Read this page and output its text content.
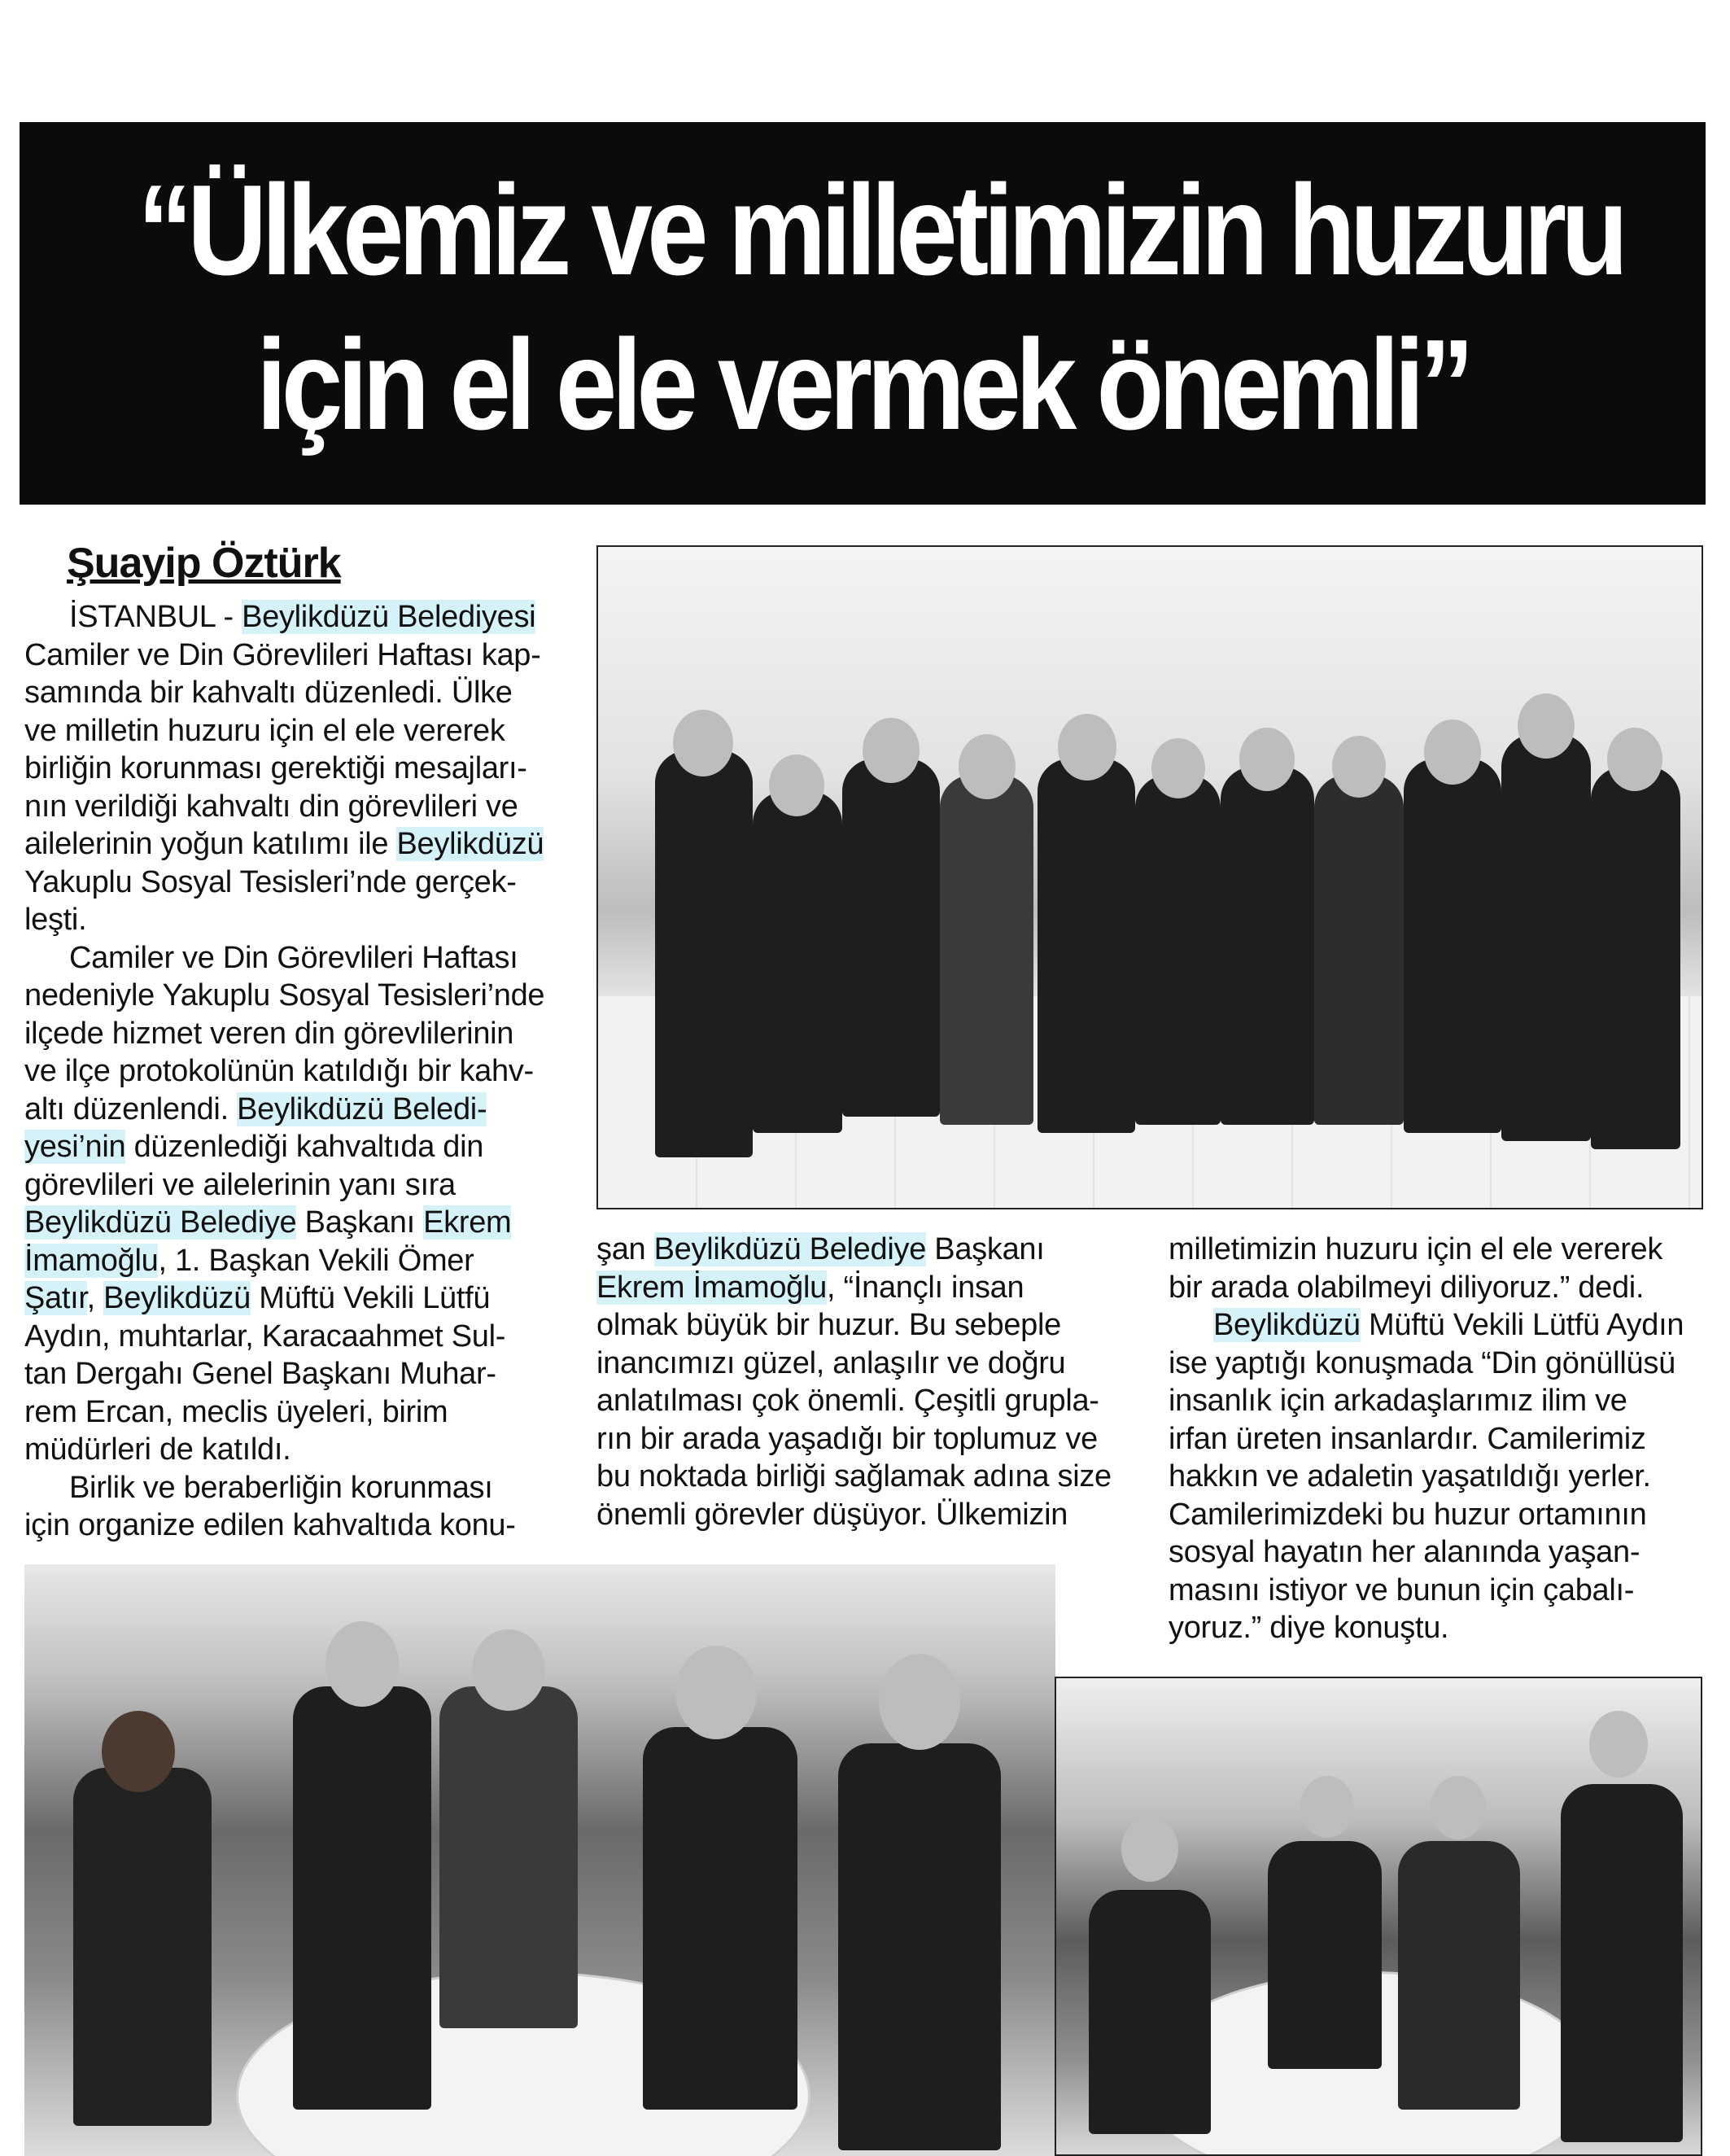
“Ülkemiz ve milletimizin huzuru
için el ele vermek önemli”
Şuayip Öztürk

İSTANBUL - Beylikdüzü Belediyesi

Camiler ve Din Görevlileri Haftası kap-

samında bir kahvaltı düzenledi. Ülke

ve milletin huzuru için el ele vererek

birliğin korunması gerektiği mesajları-

nın verildiği kahvaltı din görevlileri ve

ailelerinin yoğun katılımı ile Beylikdüzü

Yakuplu Sosyal Tesisleri’nde gerçek-

leşti.

Camiler ve Din Görevlileri Haftası

nedeniyle Yakuplu Sosyal Tesisleri’nde

ilçede hizmet veren din görevlilerinin

ve ilçe protokolünün katıldığı bir kahv-

altı düzenlendi. Beylikdüzü Beledi-

yesi’nin düzenlediği kahvaltıda din

görevlileri ve ailelerinin yanı sıra

Beylikdüzü Belediye Başkanı Ekrem

İmamoğlu, 1. Başkan Vekili Ömer

Şatır, Beylikdüzü Müftü Vekili Lütfü

Aydın, muhtarlar, Karacaahmet Sul-

tan Dergahı Genel Başkanı Muhar-

rem Ercan, meclis üyeleri, birim

müdürleri de katıldı.

Birlik ve beraberliğin korunması

için organize edilen kahvaltıda konu-

şan Beylikdüzü Belediye Başkanı

Ekrem İmamoğlu, “İnançlı insan

olmak büyük bir huzur. Bu sebeple

inancımızı güzel, anlaşılır ve doğru

anlatılması çok önemli. Çeşitli grupla-

rın bir arada yaşadığı bir toplumuz ve

bu noktada birliği sağlamak adına size

önemli görevler düşüyor. Ülkemizin

milletimizin huzuru için el ele vererek

bir arada olabilmeyi diliyoruz.” dedi.

Beylikdüzü Müftü Vekili Lütfü Aydın

ise yaptığı konuşmada “Din gönüllüsü

insanlık için arkadaşlarımız ilim ve

irfan üreten insanlardır. Camilerimiz

hakkın ve adaletin yaşatıldığı yerler.

Camilerimizdeki bu huzur ortamının

sosyal hayatın her alanında yaşan-

masını istiyor ve bunun için çabalı-

yoruz.” diye konuştu.
